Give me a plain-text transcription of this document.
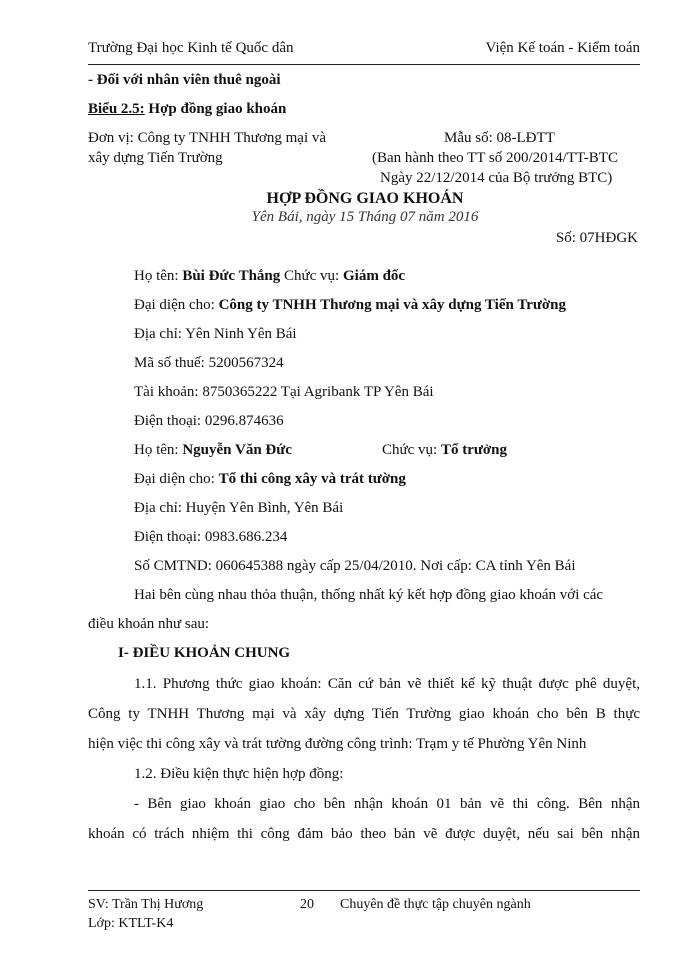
Trường Đại học Kinh tế Quốc dân	Viện Kế toán - Kiểm toán
- Đối với nhân viên thuê ngoài
Biểu 2.5: Hợp đồng giao khoán
Đơn vị: Công ty TNHH Thương mại và
xây dựng Tiến Trường
Mẫu số: 08-LĐTT
(Ban hành theo TT số 200/2014/TT-BTC
Ngày 22/12/2014 của Bộ trưởng BTC)
HỢP ĐỒNG GIAO KHOÁN
Yên Bái, ngày 15 Tháng 07 năm 2016
Số: 07HĐGK
Họ tên: Bùi Đức Thắng Chức vụ: Giám đốc
Đại diện cho: Công ty TNHH Thương mại và xây dựng Tiến Trường
Địa chỉ: Yên Ninh Yên Bái
Mã số thuế: 5200567324
Tài khoản: 8750365222 Tại Agribank TP Yên Bái
Điện thoại: 0296.874636
Họ tên: Nguyễn Văn Đức	Chức vụ: Tổ trưởng
Đại diện cho: Tổ thi công xây và trát tường
Địa chỉ: Huyện Yên Bình, Yên Bái
Điện thoại: 0983.686.234
Số CMTND: 060645388 ngày cấp 25/04/2010. Nơi cấp: CA tỉnh Yên Bái
Hai bên cùng nhau thỏa thuận, thống nhất ký kết hợp đồng giao khoán với các
điều khoản như sau:
I- ĐIỀU KHOẢN CHUNG
1.1. Phương thức giao khoán: Căn cứ bản vẽ thiết kế kỹ thuật được phê duyệt,
Công ty TNHH Thương mại và xây dựng Tiến Trường giao khoán cho bên B thực
hiện việc thi công xây và trát tường đường công trình: Trạm y tế Phường Yên Ninh
1.2. Điều kiện thực hiện hợp đồng:
- Bên giao khoán giao cho bên nhận khoán 01 bản vẽ thi công. Bên nhận
khoán có trách nhiệm thi công đảm bảo theo bản vẽ được duyệt, nếu sai bên nhận
SV: Trần Thị Hương
Lớp: KTLT-K4
20 Chuyên đề thực tập chuyên ngành
